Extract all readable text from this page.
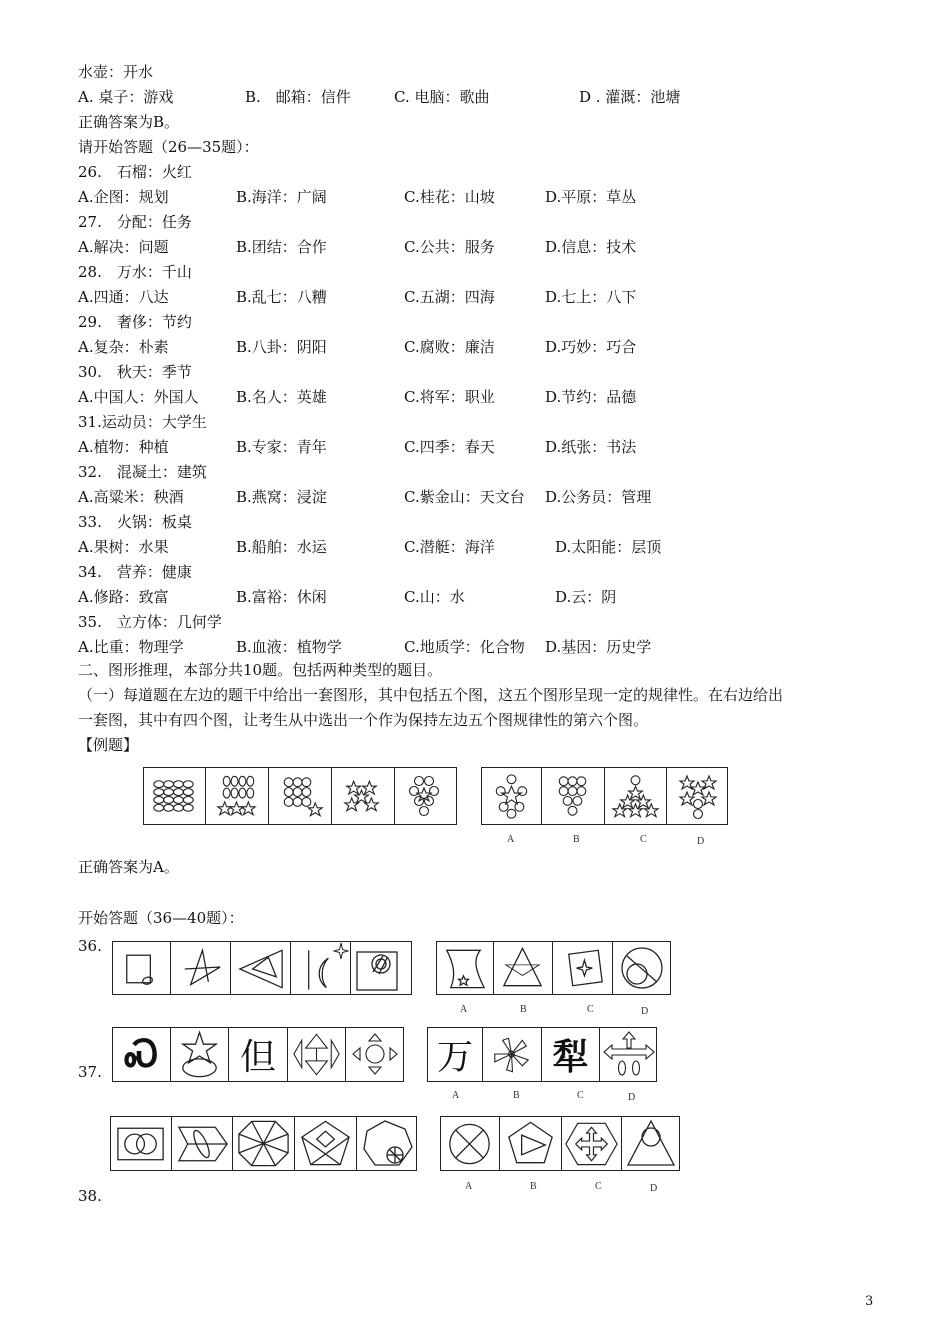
水壶：开水
A. 桌子：游戏	B.　邮箱：信件	C. 电脑：歌曲	D . 灌溉：池塘
正确答案为B。
请开始答题（26—35题）：
26.　石榴：火红
A.企图：规划	B.海洋：广阔	C.桂花：山坡	D.平原：草丛
27.　分配：任务
A.解决：问题	B.团结：合作	C.公共：服务	D.信息：技术
28.　万水：千山
A.四通：八达	B.乱七：八糟	C.五湖：四海	D.七上：八下
29.　奢侈：节约
A.复杂：朴素	B.八卦：阴阳	C.腐败：廉洁	D.巧妙：巧合
30.　秋天：季节
A.中国人：外国人 B.名人：英雄	C.将军：职业	D.节约：品德
31.运动员：大学生
A.植物：种植	B.专家：青年	C.四季：春天	D.纸张：书法
32.　混凝土：建筑
A.高粱米：秧酒	B.燕窝：浸淀	C.紫金山：天文台 D.公务员：管理
33.　火锅：板桌
A.果树：水果	B.船舶：水运	C.潜艇：海洋	D.太阳能：层顶
34.　营养：健康
A.修路：致富	B.富裕：休闲	C.山：水	D.云：阴
35.　立方体：几何学
A.比重：物理学	B.血液：植物学	C.地质学：化合物 D.基因：历史学
二、图形推理，本部分共10题。包括两种类型的题目。
（一）每道题在左边的题干中给出一套图形，其中包括五个图，这五个图形呈现一定的规律性。在右边给出
一套图，其中有四个图，让考生从中选出一个作为保持左边五个图规律性的第六个图。
【例题】
A	B	C	D
正确答案为A。
开始答题（36—40题）：
36.
A	B	C	D
37. Ꮝ	但	万 犁
A	B	C	D
38.
A	B	C	D
3
